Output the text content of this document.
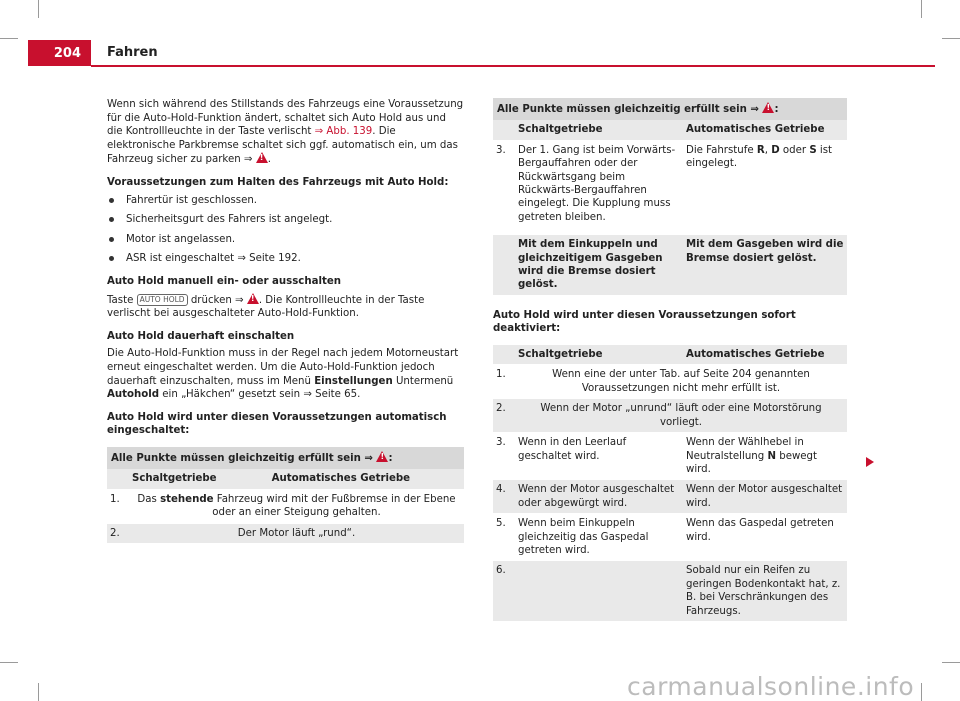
204	Fahren

Wenn sich während des Stillstands des Fahrzeugs eine Voraussetzung für die Auto-Hold-Funktion ändert, schaltet sich Auto Hold aus und die Kontrollleuchte in der Taste verlischt ⇒ Abb. 139. Die elektronische Parkbremse schaltet sich ggf. automatisch ein, um das Fahrzeug sicher zu parken ⇒ !.

Voraussetzungen zum Halten des Fahrzeugs mit Auto Hold:

Fahrertür ist geschlossen.
Sicherheitsgurt des Fahrers ist angelegt.
Motor ist angelassen.
ASR ist eingeschaltet ⇒ Seite 192.

Auto Hold manuell ein- oder ausschalten

Taste AUTO HOLD drücken ⇒ !. Die Kontrollleuchte in der Taste verlischt bei ausgeschalteter Auto-Hold-Funktion.

Auto Hold dauerhaft einschalten

Die Auto-Hold-Funktion muss in der Regel nach jedem Motorneustart erneut eingeschaltet werden. Um die Auto-Hold-Funktion jedoch dauerhaft einzuschalten, muss im Menü Einstellungen Untermenü Autohold ein „Häkchen“ gesetzt sein ⇒ Seite 65.

Auto Hold wird unter diesen Voraussetzungen automatisch eingeschaltet:

Alle Punkte müssen gleichzeitig erfüllt sein ⇒ !:
	Schaltgetriebe	Automatisches Getriebe
1.	Das stehende Fahrzeug wird mit der Fußbremse in der Ebene oder an einer Steigung gehalten.	
2.	Der Motor läuft „rund“.	
Alle Punkte müssen gleichzeitig erfüllt sein ⇒ !:
	Schaltgetriebe	Automatisches Getriebe
3.	Der 1. Gang ist beim Vorwärts-Bergauffahren oder der Rückwärtsgang beim Rückwärts-Bergauffahren eingelegt. Die Kupplung muss getreten bleiben.	Die Fahrstufe R, D oder S ist eingelegt.
	Mit dem Einkuppeln und gleichzeitigem Gasgeben wird die Bremse dosiert gelöst.	Mit dem Gasgeben wird die Bremse dosiert gelöst.

Auto Hold wird unter diesen Voraussetzungen sofort deaktiviert:

	Schaltgetriebe	Automatisches Getriebe
1.	Wenn eine der unter Tab. auf Seite 204 genannten Voraussetzungen nicht mehr erfüllt ist.	
2.	Wenn der Motor „unrund“ läuft oder eine Motorstörung vorliegt.	
3.	Wenn in den Leerlauf geschaltet wird.	Wenn der Wählhebel in Neutralstellung N bewegt wird.
4.	Wenn der Motor ausgeschaltet oder abgewürgt wird.	Wenn der Motor ausgeschaltet wird.
5.	Wenn beim Einkuppeln gleichzeitig das Gaspedal getreten wird.	Wenn das Gaspedal getreten wird.
6.		Sobald nur ein Reifen zu geringen Bodenkontakt hat, z. B. bei Verschränkungen des Fahrzeugs.
carmanualsonline.info
